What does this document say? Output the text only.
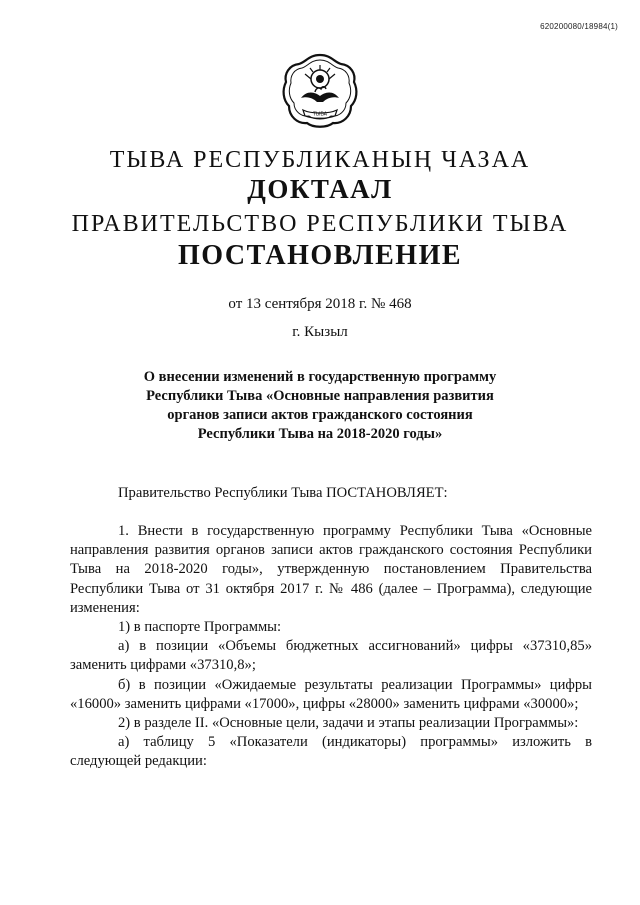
620200080/18984(1)
ТЫВА
ТЫВА РЕСПУБЛИКАНЫҢ ЧАЗАА
ДОКТААЛ
ПРАВИТЕЛЬСТВО РЕСПУБЛИКИ ТЫВА
ПОСТАНОВЛЕНИЕ
от 13 сентября 2018 г. № 468
г. Кызыл
О внесении изменений в государственную программу
Республики Тыва «Основные направления развития
органов записи актов гражданского состояния
Республики Тыва на 2018-2020 годы»

Правительство Республики Тыва ПОСТАНОВЛЯЕТ:

1. Внести в государственную программу Республики Тыва «Основные направления развития органов записи актов гражданского состояния Республики Тыва на 2018-2020 годы», утвержденную постановлением Правительства Республики Тыва от 31 октября 2017 г. № 486 (далее – Программа), следующие изменения:

1) в паспорте Программы:

а) в позиции «Объемы бюджетных ассигнований» цифры «37310,85» заменить цифрами «37310,8»;

б) в позиции «Ожидаемые результаты реализации Программы» цифры «16000» заменить цифрами «17000», цифры «28000» заменить цифрами «30000»;

2) в разделе II. «Основные цели, задачи и этапы реализации Программы»:

а) таблицу 5 «Показатели (индикаторы) программы» изложить в следующей редакции:
